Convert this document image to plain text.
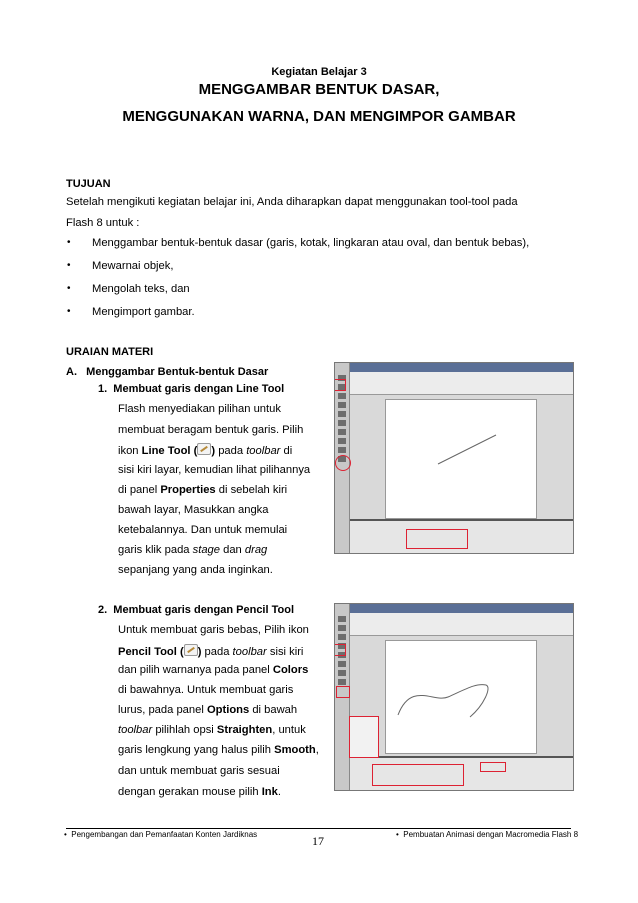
Kegiatan Belajar 3
MENGGAMBAR BENTUK DASAR,
MENGGUNAKAN WARNA, DAN MENGIMPOR GAMBAR
TUJUAN
Setelah mengikuti kegiatan belajar ini, Anda diharapkan dapat menggunakan tool-tool pada
Flash 8 untuk :
• Menggambar bentuk-bentuk dasar (garis, kotak, lingkaran atau oval, dan bentuk bebas),
• Mewarnai objek,
• Mengolah teks, dan
• Mengimport gambar.
URAIAN MATERI
A.   Menggambar Bentuk-bentuk Dasar
1.  Membuat garis dengan Line Tool
Flash menyediakan pilihan untuk
membuat beragam bentuk garis. Pilih
ikon Line Tool ( ) pada toolbar di
sisi kiri layar, kemudian lihat pilihannya
di panel Properties di sebelah kiri
bawah layar, Masukkan angka
ketebalannya. Dan untuk memulai
garis klik pada stage dan drag
sepanjang yang anda inginkan.
2.  Membuat garis dengan Pencil Tool
Untuk membuat garis bebas, Pilih ikon
Pencil Tool ( ) pada toolbar sisi kiri
dan pilih warnanya pada panel Colors
di bawahnya. Untuk membuat garis
lurus, pada panel Options di bawah
toolbar pilihlah opsi Straighten, untuk
garis lengkung yang halus pilih Smooth,
dan untuk membuat garis sesuai
dengan gerakan mouse pilih Ink.
• Pengembangan dan Pemanfaatan Konten Jardiknas	17	• Pembuatan Animasi dengan Macromedia Flash 8
